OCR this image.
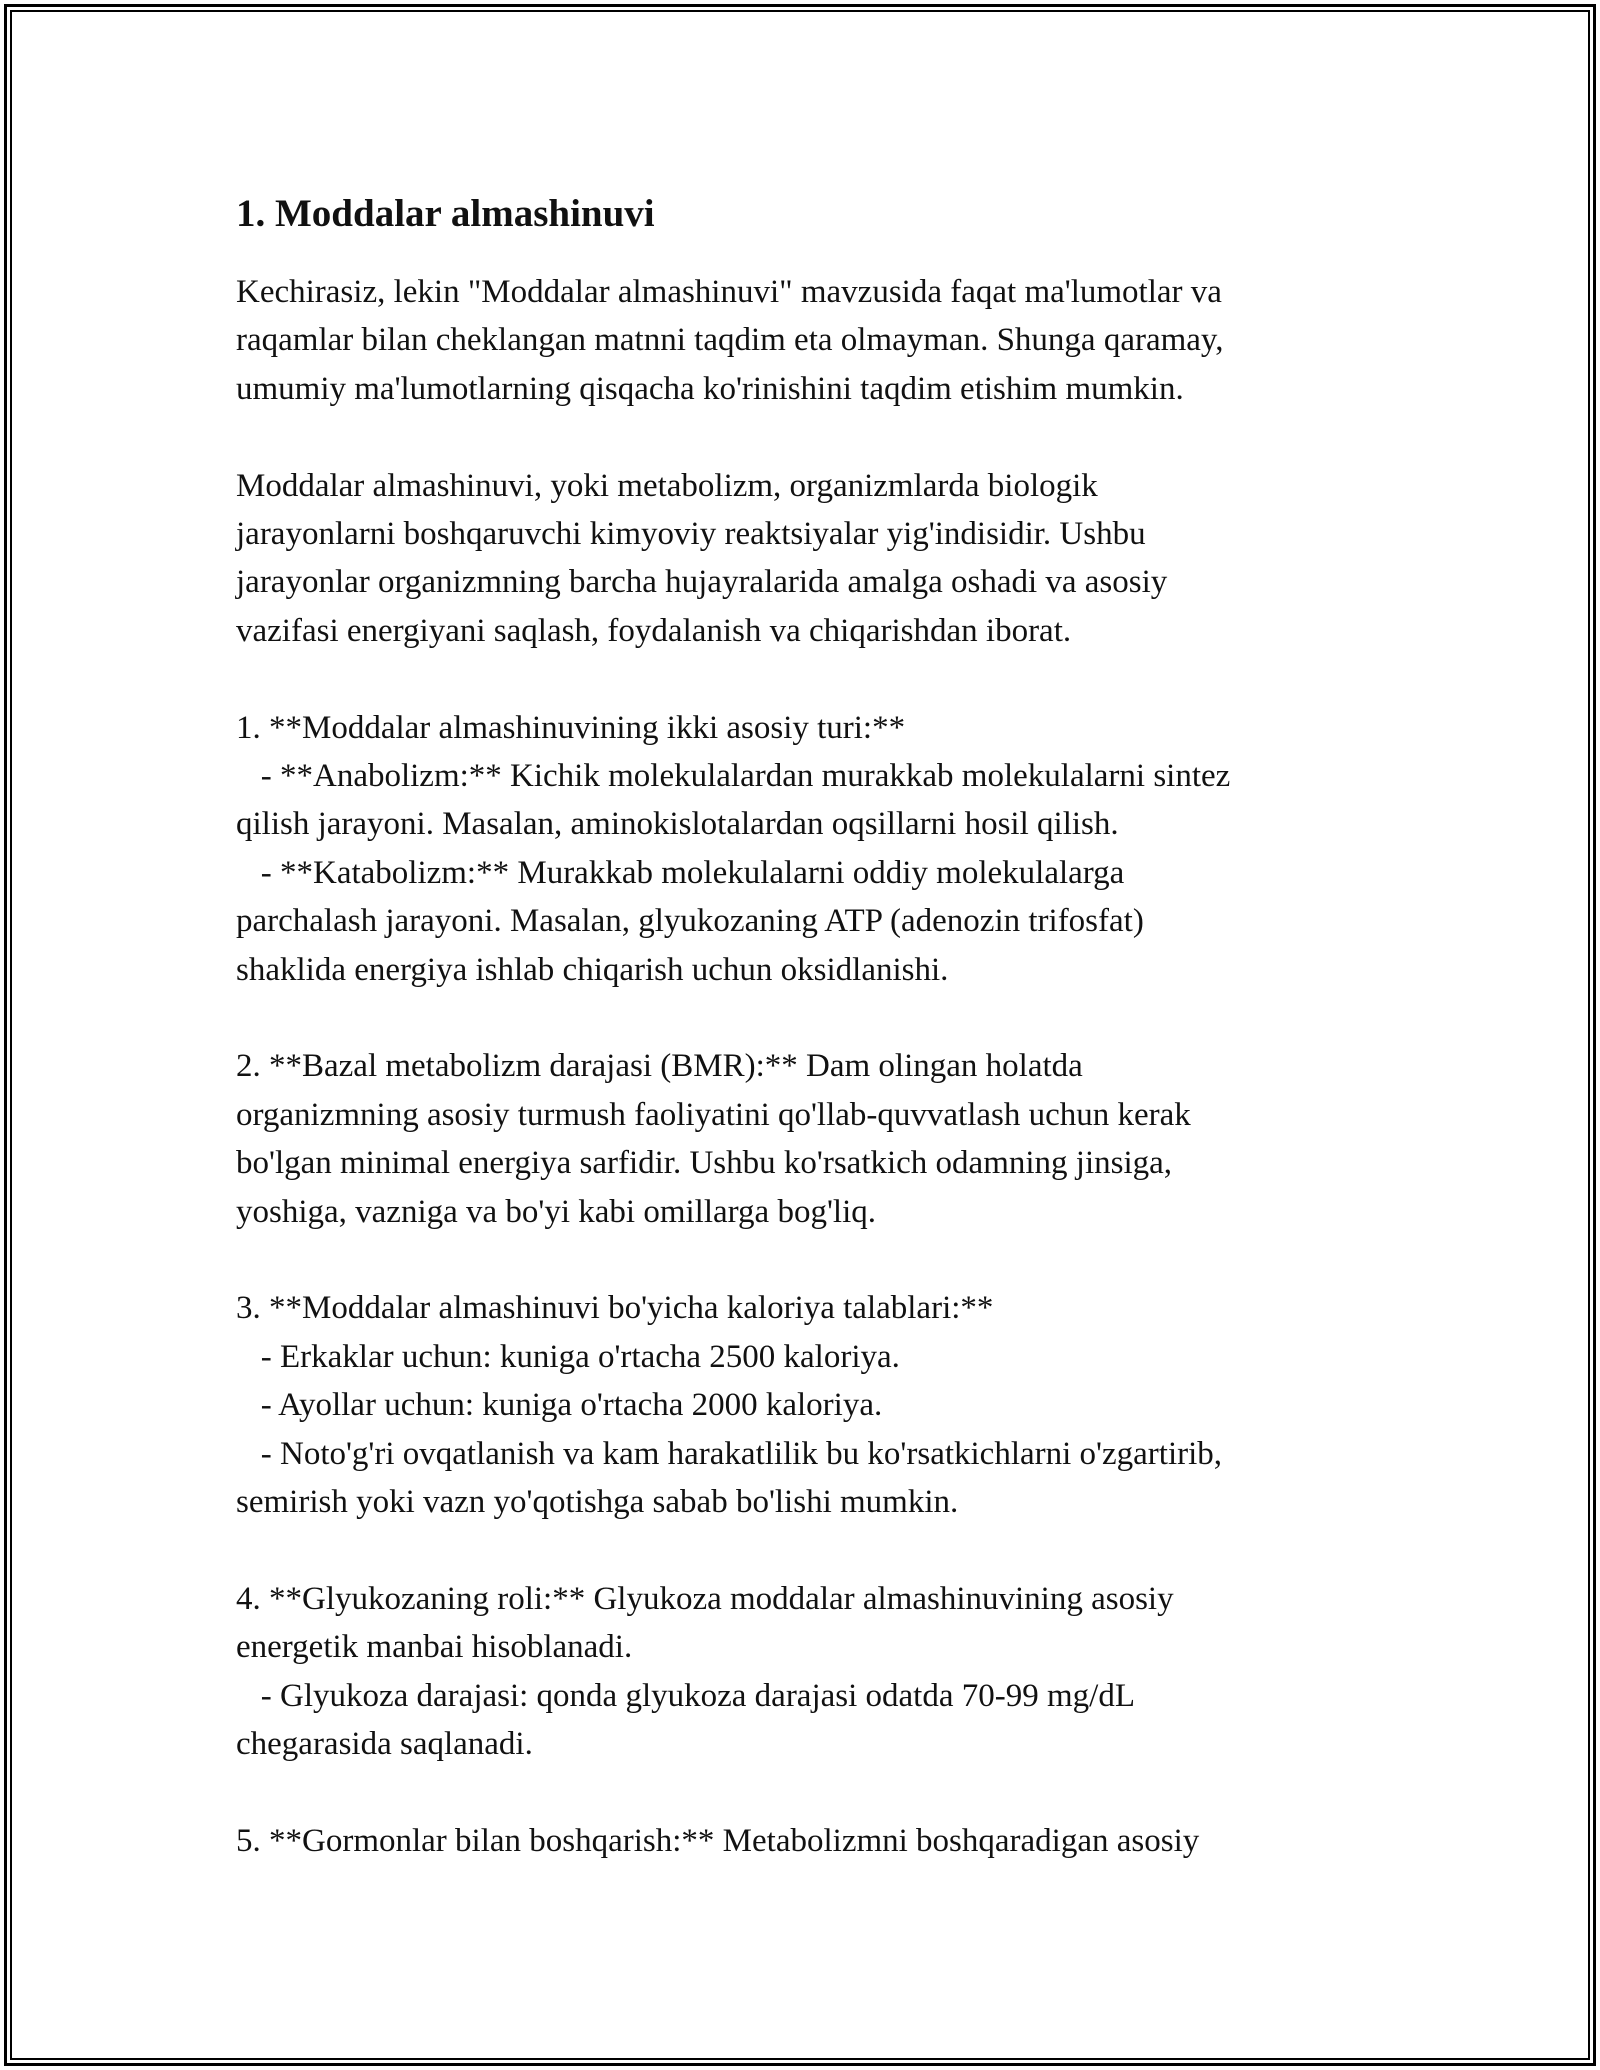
1. Moddalar almashinuvi

Kechirasiz, lekin "Moddalar almashinuvi" mavzusida faqat ma'lumotlar va
raqamlar bilan cheklangan matnni taqdim eta olmayman. Shunga qaramay,
umumiy ma'lumotlarning qisqacha ko'rinishini taqdim etishim mumkin.

Moddalar almashinuvi, yoki metabolizm, organizmlarda biologik
jarayonlarni boshqaruvchi kimyoviy reaktsiyalar yig'indisidir. Ushbu
jarayonlar organizmning barcha hujayralarida amalga oshadi va asosiy
vazifasi energiyani saqlash, foydalanish va chiqarishdan iborat.

1. **Moddalar almashinuvining ikki asosiy turi:**
- **Anabolizm:** Kichik molekulalardan murakkab molekulalarni sintez
qilish jarayoni. Masalan, aminokislotalardan oqsillarni hosil qilish.
- **Katabolizm:** Murakkab molekulalarni oddiy molekulalarga
parchalash jarayoni. Masalan, glyukozaning ATP (adenozin trifosfat)
shaklida energiya ishlab chiqarish uchun oksidlanishi.

2. **Bazal metabolizm darajasi (BMR):** Dam olingan holatda
organizmning asosiy turmush faoliyatini qo'llab-quvvatlash uchun kerak
bo'lgan minimal energiya sarfidir. Ushbu ko'rsatkich odamning jinsiga,
yoshiga, vazniga va bo'yi kabi omillarga bog'liq.

3. **Moddalar almashinuvi bo'yicha kaloriya talablari:**
- Erkaklar uchun: kuniga o'rtacha 2500 kaloriya.
- Ayollar uchun: kuniga o'rtacha 2000 kaloriya.
- Noto'g'ri ovqatlanish va kam harakatlilik bu ko'rsatkichlarni o'zgartirib,
semirish yoki vazn yo'qotishga sabab bo'lishi mumkin.

4. **Glyukozaning roli:** Glyukoza moddalar almashinuvining asosiy
energetik manbai hisoblanadi.
- Glyukoza darajasi: qonda glyukoza darajasi odatda 70-99 mg/dL
chegarasida saqlanadi.

5. **Gormonlar bilan boshqarish:** Metabolizmni boshqaradigan asosiy
